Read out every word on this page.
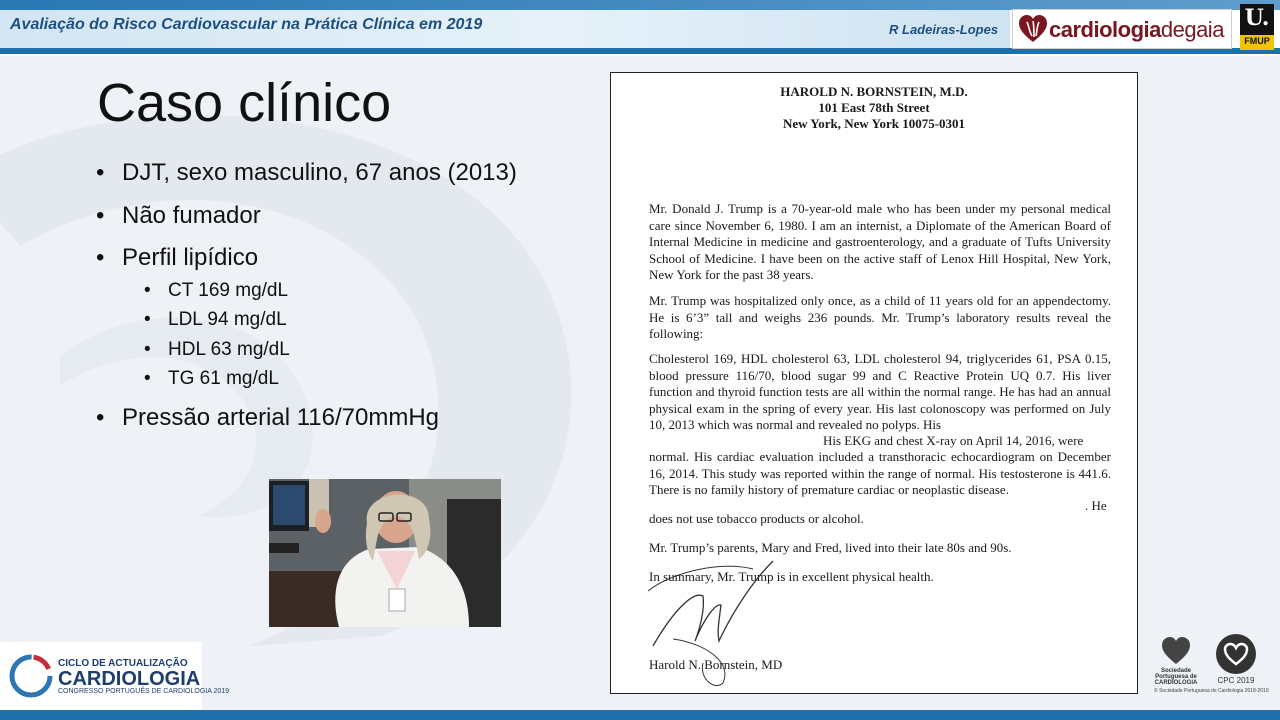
Avaliação do Risco Cardiovascular na Prática Clínica em 2019	R Ladeiras-Lopes cardiologiadegaia U.
FMUP
Caso clínico
• DJT, sexo masculino, 67 anos (2013)
• Não fumador
• Perfil lipídico
• CT 169 mg/dL
• LDL 94 mg/dL
• HDL 63 mg/dL
• TG 61 mg/dL
• Pressão arterial 116/70mmHg
HAROLD N. BORNSTEIN, M.D.
101 East 78th Street
New York, New York 10075-0301
Mr. Donald J. Trump is a 70-year-old male who has been under my personal medical care since November 6, 1980. I am an internist, a Diplomate of the American Board of Internal Medicine in medicine and gastroenterology, and a graduate of Tufts University School of Medicine. I have been on the active staff of Lenox Hill Hospital, New York, New York for the past 38 years.
Mr. Trump was hospitalized only once, as a child of 11 years old for an appendectomy. He is 6’3” tall and weighs 236 pounds. Mr. Trump’s laboratory results reveal the following:
Cholesterol 169, HDL cholesterol 63, LDL cholesterol 94, triglycerides 61, PSA 0.15, blood pressure 116/70, blood sugar 99 and C Reactive Protein UQ 0.7. His liver function and thyroid function tests are all within the normal range. He has had an annual physical exam in the spring of every year. His last colonoscopy was performed on July 10, 2013 which was normal and revealed no polyps. His
His EKG and chest X-ray on April 14, 2016, were
normal. His cardiac evaluation included a transthoracic echocardiogram on December 16, 2014. This study was reported within the range of normal. His testosterone is 441.6. There is no family history of premature cardiac or neoplastic disease.
. He
does not use tobacco products or alcohol.
Mr. Trump’s parents, Mary and Fred, lived into their late 80s and 90s.
In summary, Mr. Trump is in excellent physical health.
Harold N. Bornstein, MD
CICLO DE ACTUALIZAÇÃO
CARDIOLOGIA
CONGRESSO PORTUGUÊS DE CARDIOLOGIA 2019
Sociedade Portuguesa de CARDIOLOGIA	CPC 2019
© Sociedade Portuguesa de Cardiologia 2018-2019
